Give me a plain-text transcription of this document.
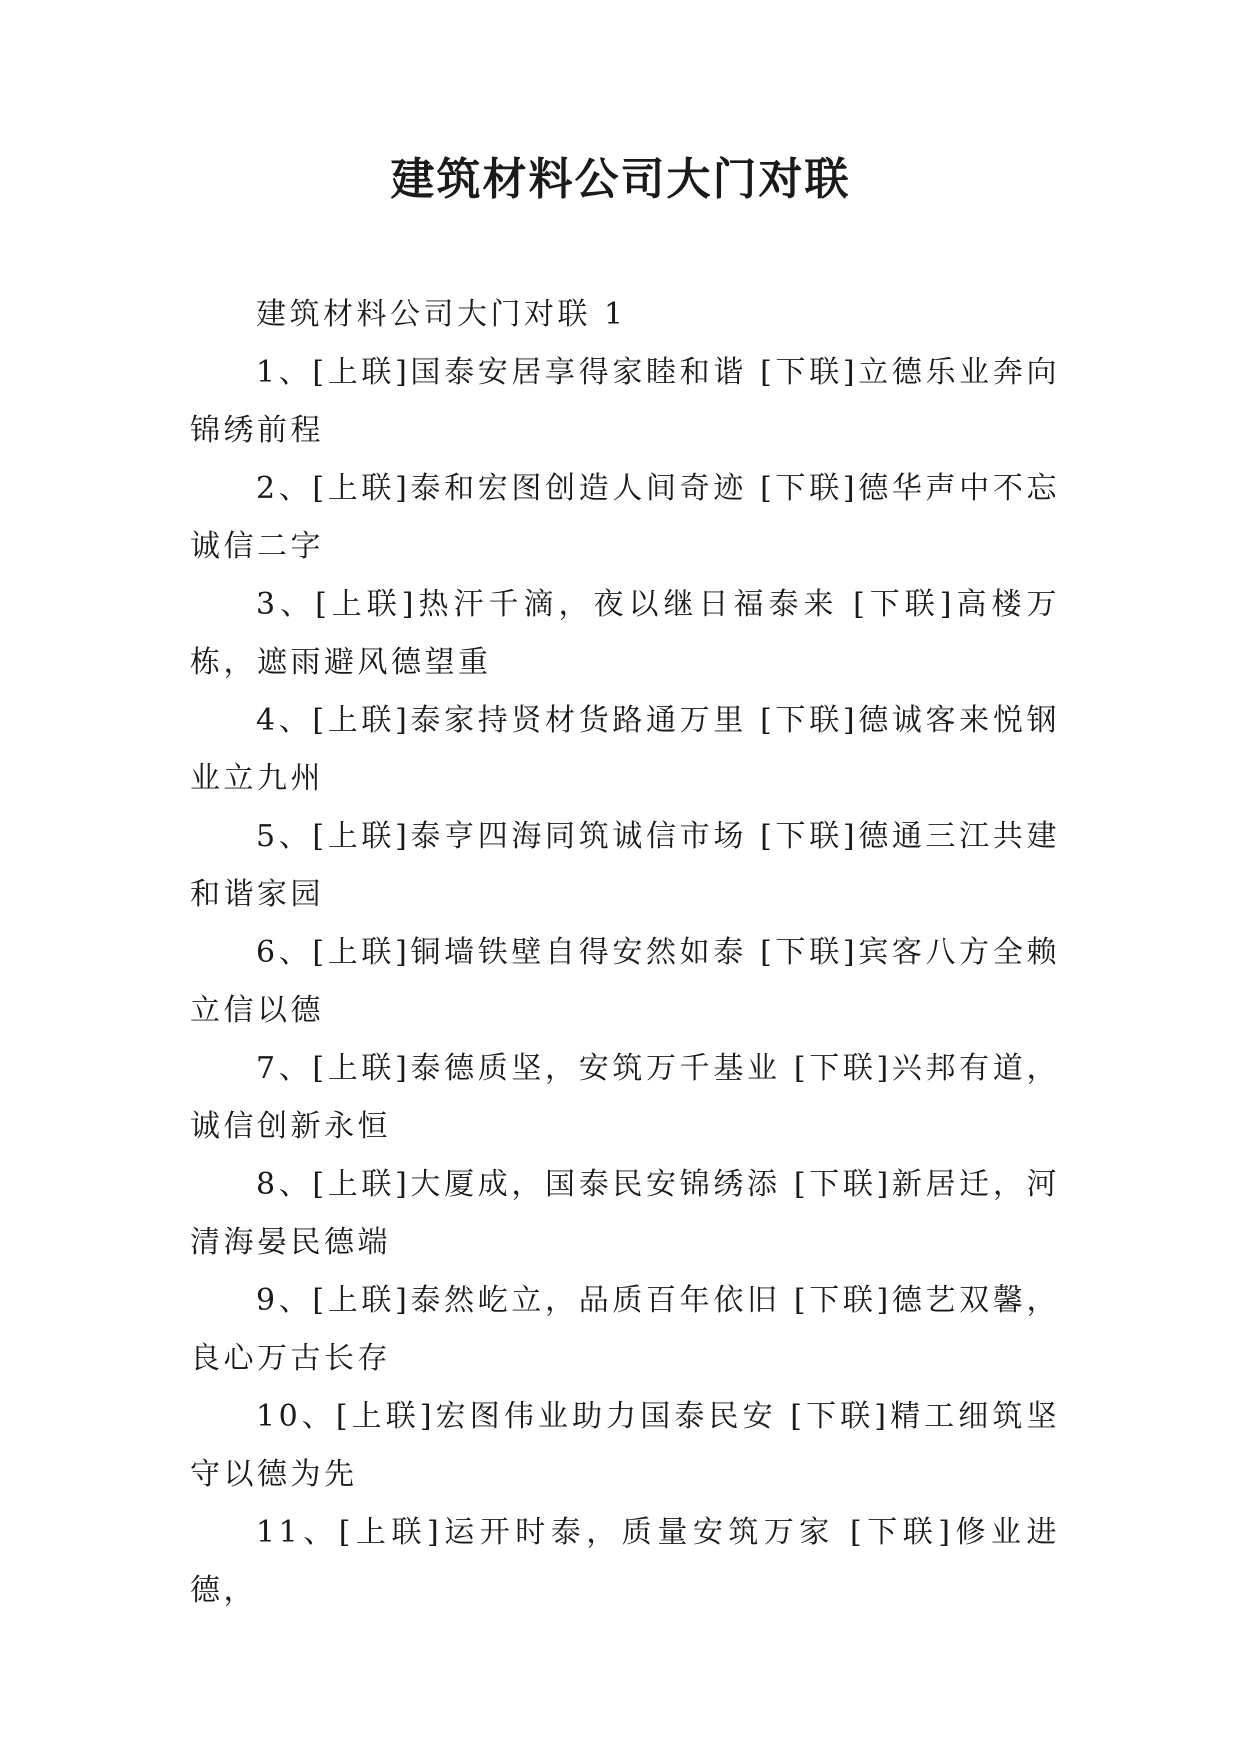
建筑材料公司大门对联

建筑材料公司大门对联 1

1、[上联]国泰安居享得家睦和谐 [下联]立德乐业奔向锦绣前程

2、[上联]泰和宏图创造人间奇迹 [下联]德华声中不忘诚信二字

3、[上联]热汗千滴，夜以继日福泰来 [下联]高楼万栋，遮雨避风德望重

4、[上联]泰家持贤材货路通万里 [下联]德诚客来悦钢业立九州

5、[上联]泰亨四海同筑诚信市场 [下联]德通三江共建和谐家园

6、[上联]铜墙铁壁自得安然如泰 [下联]宾客八方全赖立信以德

7、[上联]泰德质坚，安筑万千基业 [下联]兴邦有道，诚信创新永恒

8、[上联]大厦成，国泰民安锦绣添 [下联]新居迁，河清海晏民德端

9、[上联]泰然屹立，品质百年依旧 [下联]德艺双馨，良心万古长存

10、[上联]宏图伟业助力国泰民安 [下联]精工细筑坚守以德为先

11、[上联]运开时泰，质量安筑万家 [下联]修业进德，
